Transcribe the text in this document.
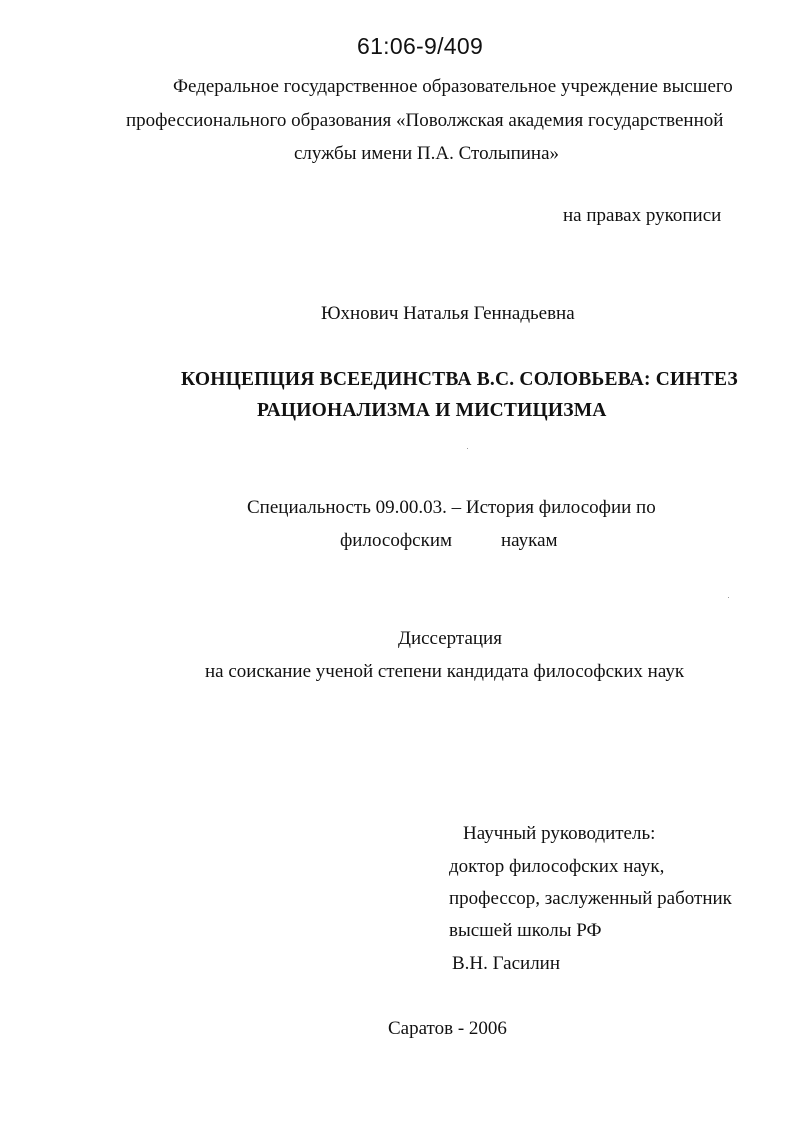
61:06-9/409
Федеральное государственное образовательное учреждение высшего
профессионального образования «Поволжская академия государственной
службы имени П.А. Столыпина»
на правах рукописи
Юхнович Наталья Геннадьевна
КОНЦЕПЦИЯ ВСЕЕДИНСТВА В.С. СОЛОВЬЕВА: СИНТЕЗ
РАЦИОНАЛИЗМА И МИСТИЦИЗМА
Специальность 09.00.03. – История философии по
философским	наукам
Диссертация
на соискание ученой степени кандидата философских наук
Научный руководитель:
доктор философских наук,
профессор, заслуженный работник
высшей школы РФ
В.Н. Гасилин
Саратов - 2006
